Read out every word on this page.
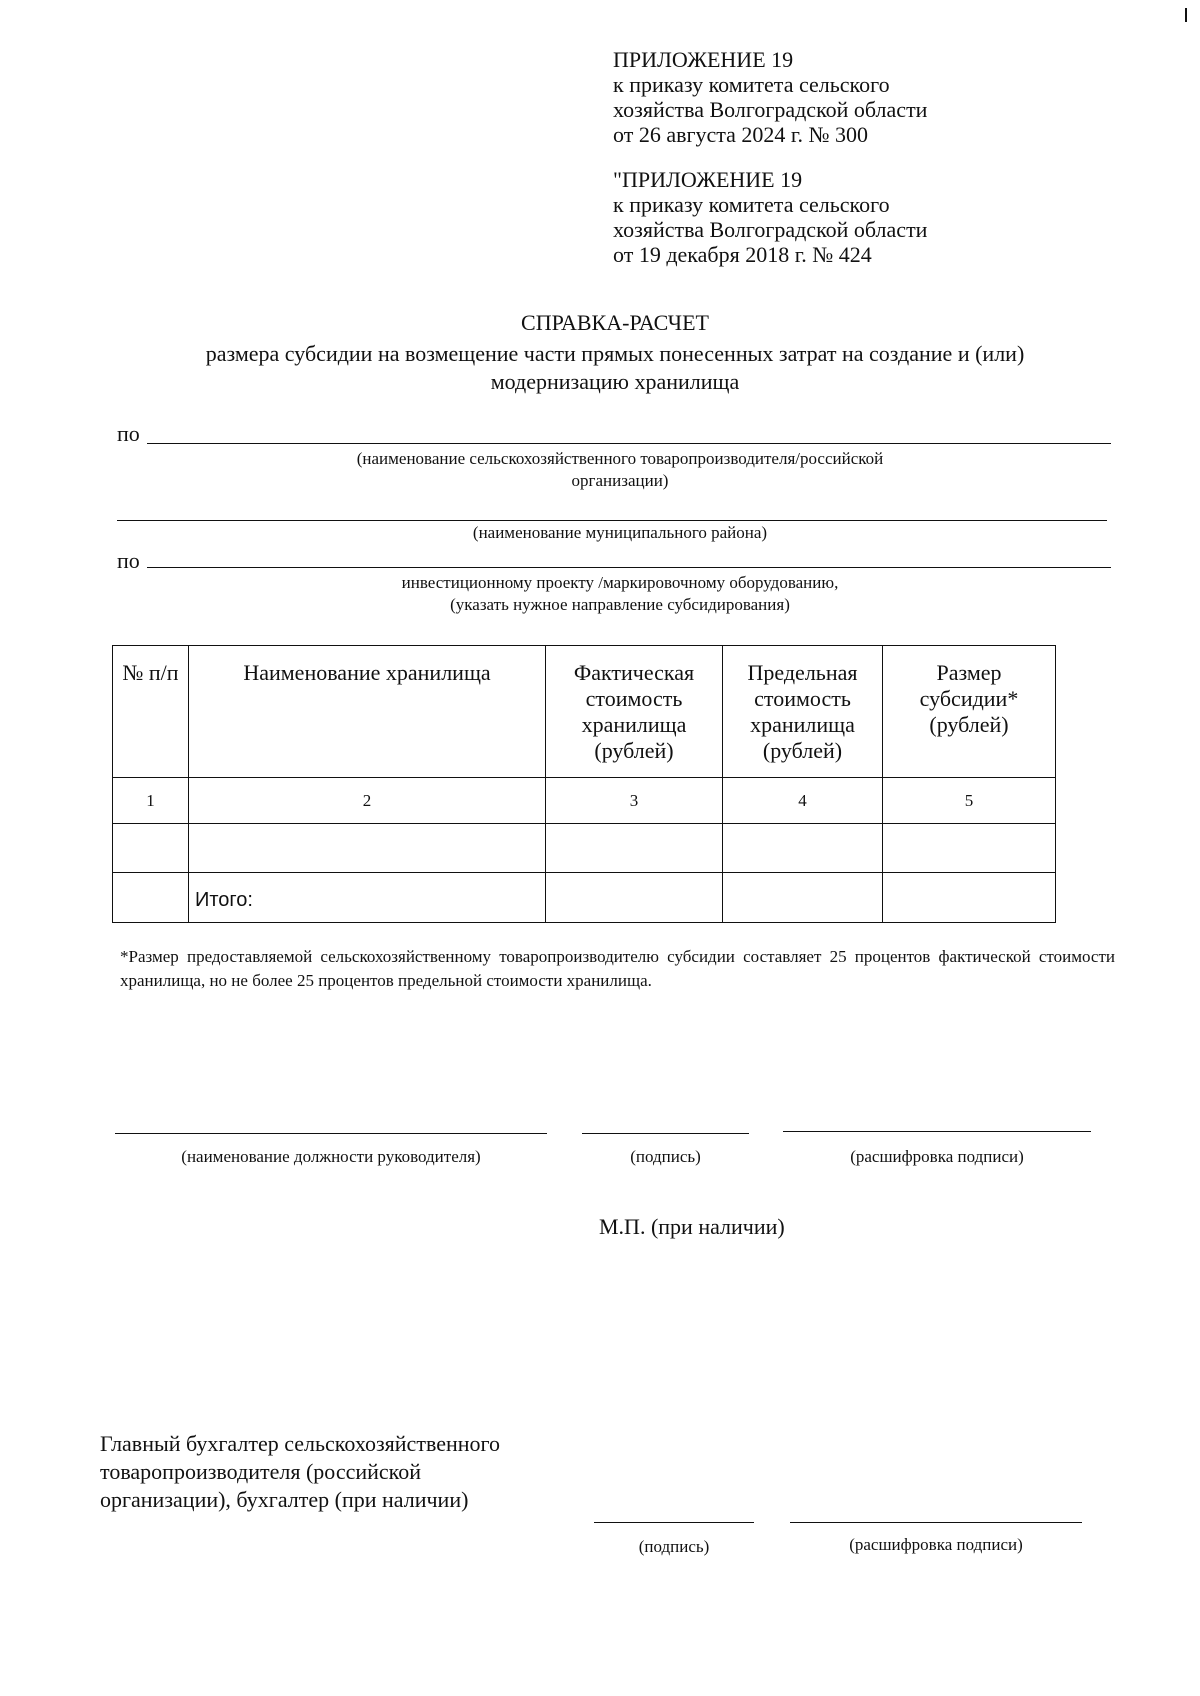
ПРИЛОЖЕНИЕ 19
к приказу комитета сельского
хозяйства Волгоградской области
от 26 августа 2024 г. № 300
"ПРИЛОЖЕНИЕ 19
к приказу комитета сельского
хозяйства Волгоградской области
от 19 декабря 2018 г. № 424
СПРАВКА-РАСЧЕТ
размера субсидии на возмещение части прямых понесенных затрат на создание и (или)
модернизацию хранилища
по
(наименование сельскохозяйственного товаропроизводителя/российской
организации)
(наименование муниципального района)
по
инвестиционному проекту /маркировочному оборудованию,
(указать нужное направление субсидирования)
№ п/п	Наименование хранилища	Фактическая стоимость хранилища (рублей)	Предельная стоимость хранилища (рублей)	Размер субсидии* (рублей)
1	2	3	4	5

	Итого:			
*Размер предоставляемой сельскохозяйственному товаропроизводителю субсидии составляет 25 процентов фактической стоимости хранилища, но не более 25 процентов предельной стоимости хранилища.
(наименование должности руководителя)	(подпись)	(расшифровка подписи)
М.П. (при наличии)
Главный бухгалтер сельскохозяйственного
товаропроизводителя (российской
организации), бухгалтер (при наличии)
(подпись)	(расшифровка подписи)
